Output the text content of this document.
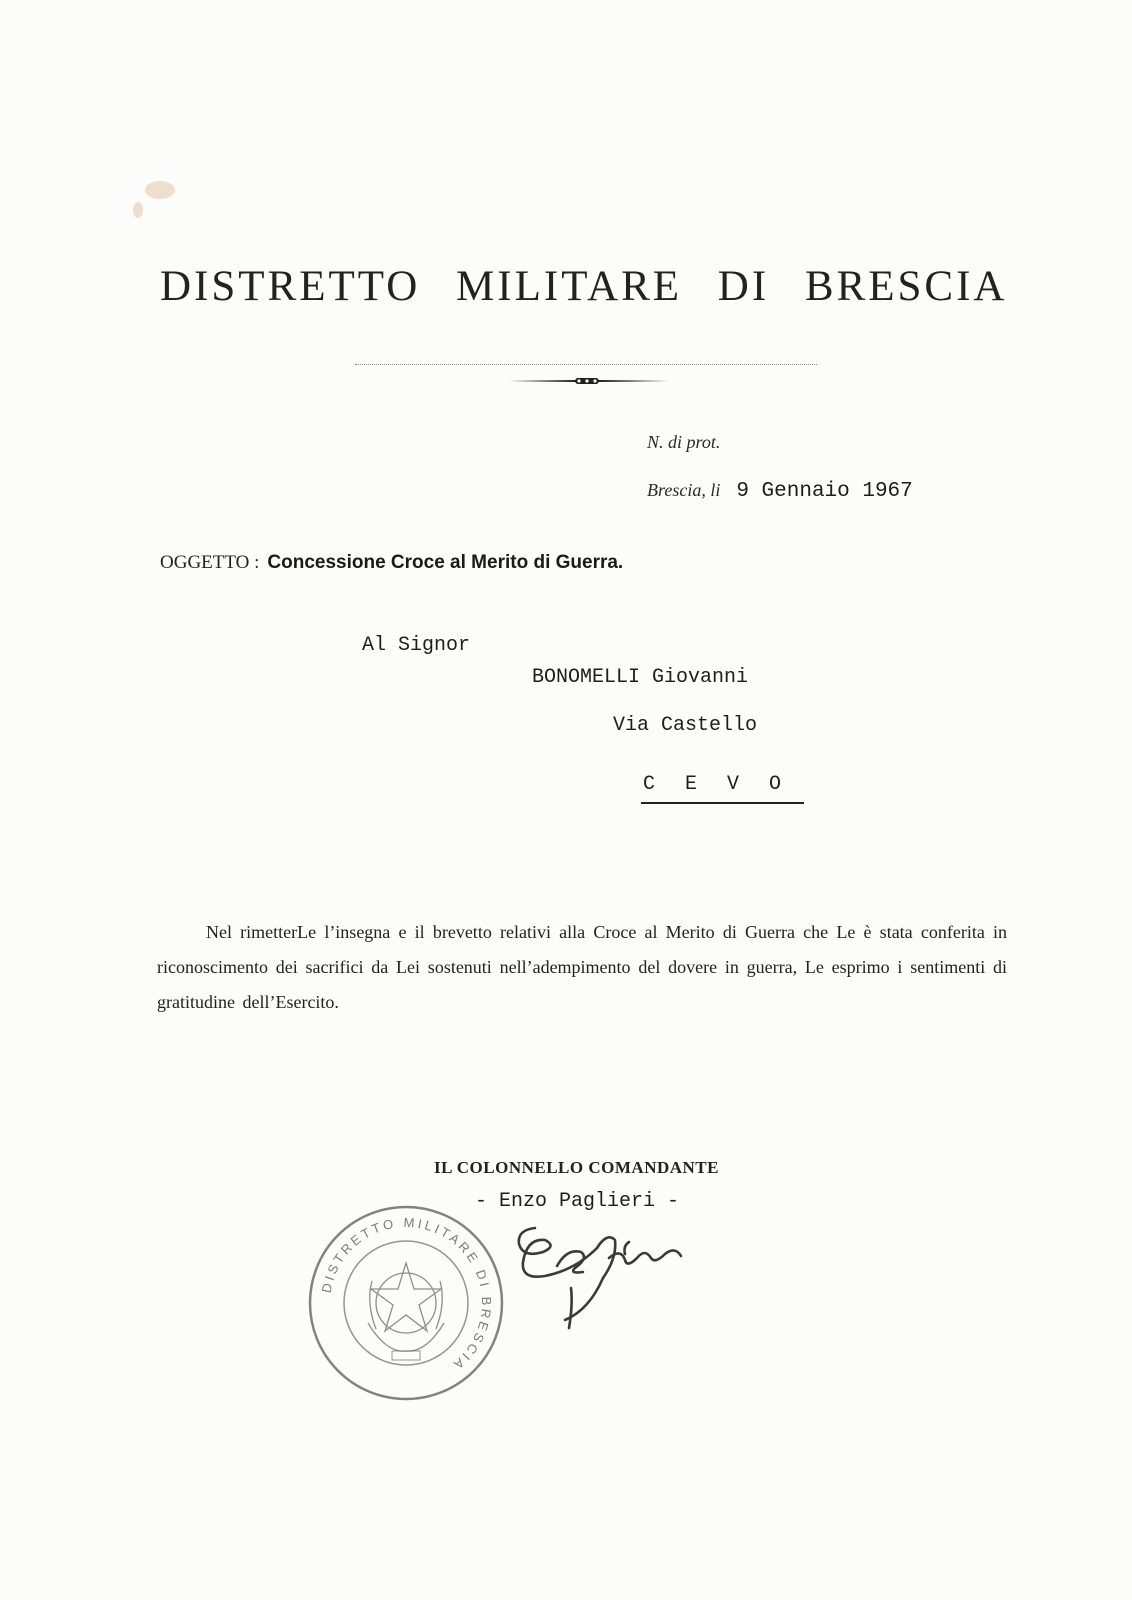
DISTRETTO MILITARE DI BRESCIA
N. di prot.
Brescia, li 9 Gennaio 1967
OGGETTO : Concessione Croce al Merito di Guerra.
Al Signor
BONOMELLI Giovanni
Via Castello
C E V O
Nel rimetterLe l’insegna e il brevetto relativi alla Croce al Merito di Guerra che Le è stata conferita in riconoscimento dei sacrifici da Lei sostenuti nell’adempimento del dovere in guerra, Le esprimo i sentimenti di gratitudine dell’Esercito.
IL COLONNELLO COMANDANTE
- Enzo Paglieri -
DISTRETTO MILITARE DI BRESCIA
